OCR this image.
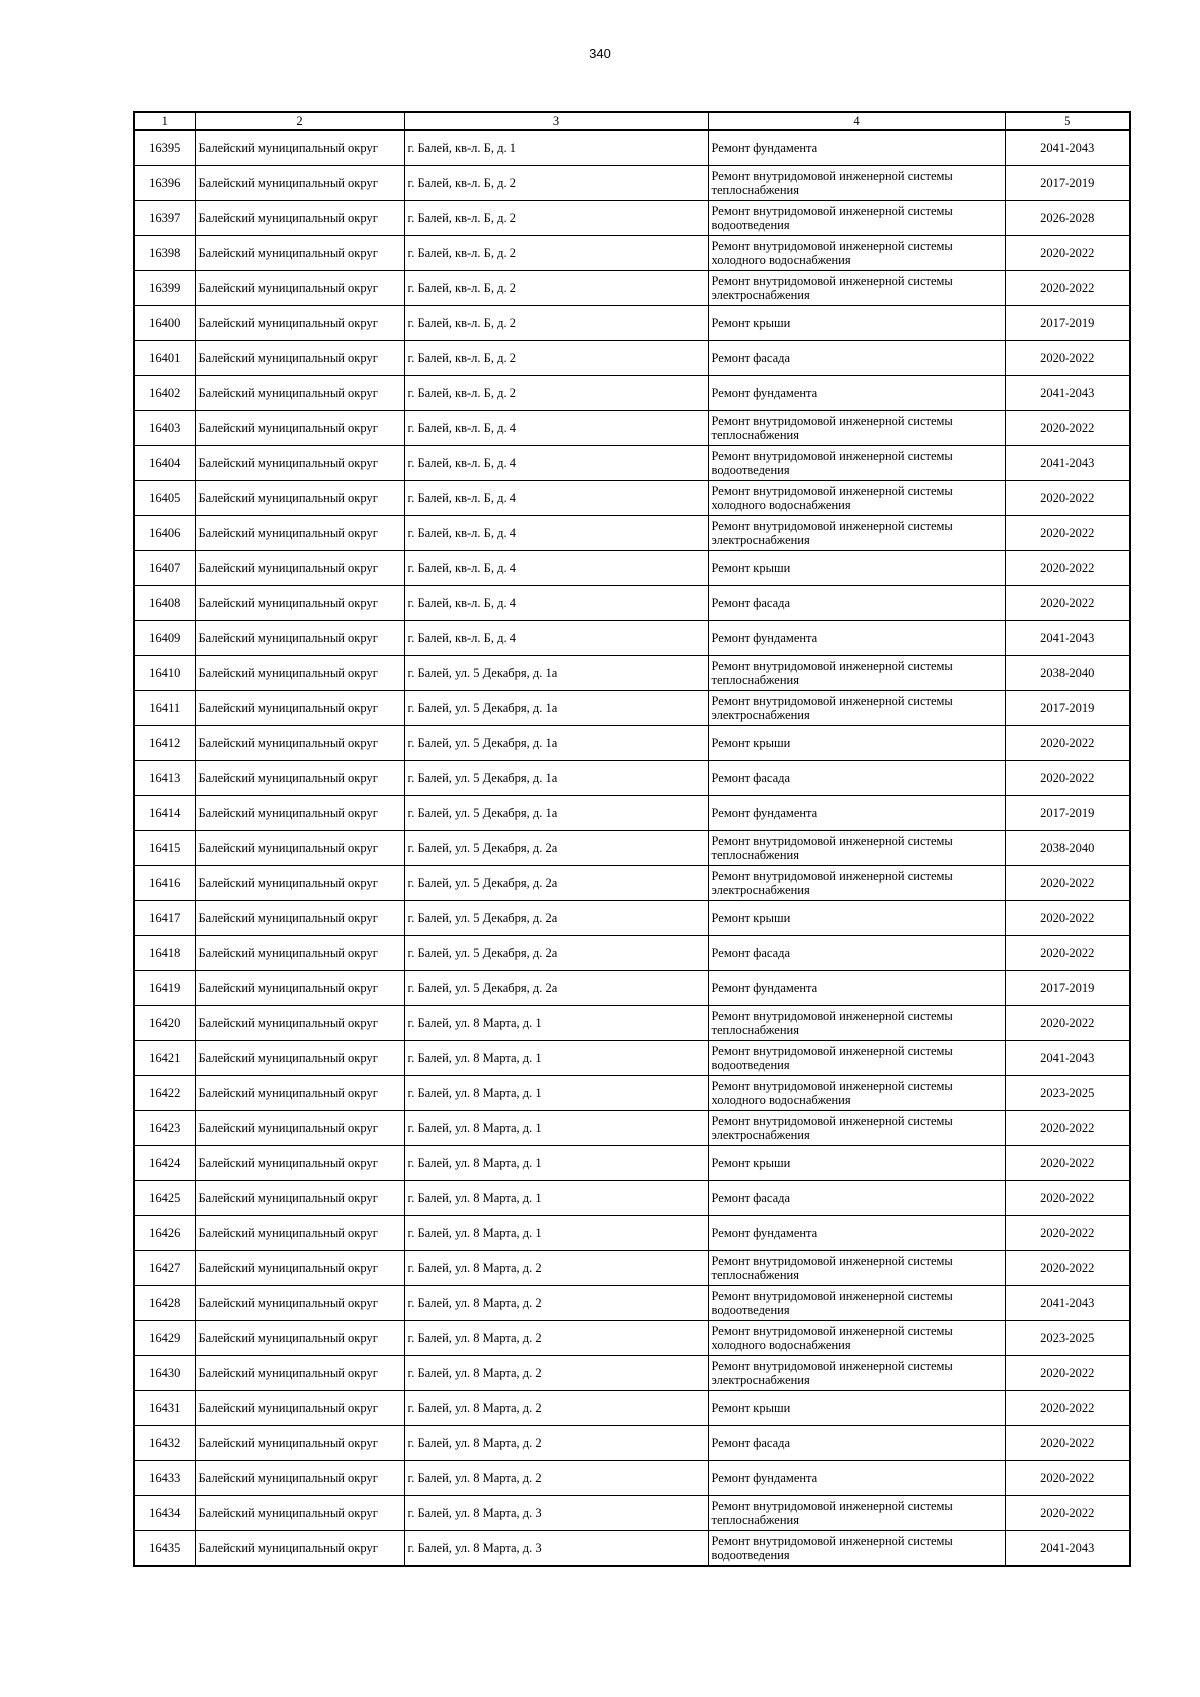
340
1	2	3	4	5
16395	Балейский муниципальный округ	г. Балей, кв-л. Б, д. 1	Ремонт фундамента	2041-2043
16396	Балейский муниципальный округ	г. Балей, кв-л. Б, д. 2	Ремонт внутридомовой инженерной системы теплоснабжения	2017-2019
16397	Балейский муниципальный округ	г. Балей, кв-л. Б, д. 2	Ремонт внутридомовой инженерной системы водоотведения	2026-2028
16398	Балейский муниципальный округ	г. Балей, кв-л. Б, д. 2	Ремонт внутридомовой инженерной системы холодного водоснабжения	2020-2022
16399	Балейский муниципальный округ	г. Балей, кв-л. Б, д. 2	Ремонт внутридомовой инженерной системы электроснабжения	2020-2022
16400	Балейский муниципальный округ	г. Балей, кв-л. Б, д. 2	Ремонт крыши	2017-2019
16401	Балейский муниципальный округ	г. Балей, кв-л. Б, д. 2	Ремонт фасада	2020-2022
16402	Балейский муниципальный округ	г. Балей, кв-л. Б, д. 2	Ремонт фундамента	2041-2043
16403	Балейский муниципальный округ	г. Балей, кв-л. Б, д. 4	Ремонт внутридомовой инженерной системы теплоснабжения	2020-2022
16404	Балейский муниципальный округ	г. Балей, кв-л. Б, д. 4	Ремонт внутридомовой инженерной системы водоотведения	2041-2043
16405	Балейский муниципальный округ	г. Балей, кв-л. Б, д. 4	Ремонт внутридомовой инженерной системы холодного водоснабжения	2020-2022
16406	Балейский муниципальный округ	г. Балей, кв-л. Б, д. 4	Ремонт внутридомовой инженерной системы электроснабжения	2020-2022
16407	Балейский муниципальный округ	г. Балей, кв-л. Б, д. 4	Ремонт крыши	2020-2022
16408	Балейский муниципальный округ	г. Балей, кв-л. Б, д. 4	Ремонт фасада	2020-2022
16409	Балейский муниципальный округ	г. Балей, кв-л. Б, д. 4	Ремонт фундамента	2041-2043
16410	Балейский муниципальный округ	г. Балей, ул. 5 Декабря, д. 1а	Ремонт внутридомовой инженерной системы теплоснабжения	2038-2040
16411	Балейский муниципальный округ	г. Балей, ул. 5 Декабря, д. 1а	Ремонт внутридомовой инженерной системы электроснабжения	2017-2019
16412	Балейский муниципальный округ	г. Балей, ул. 5 Декабря, д. 1а	Ремонт крыши	2020-2022
16413	Балейский муниципальный округ	г. Балей, ул. 5 Декабря, д. 1а	Ремонт фасада	2020-2022
16414	Балейский муниципальный округ	г. Балей, ул. 5 Декабря, д. 1а	Ремонт фундамента	2017-2019
16415	Балейский муниципальный округ	г. Балей, ул. 5 Декабря, д. 2а	Ремонт внутридомовой инженерной системы теплоснабжения	2038-2040
16416	Балейский муниципальный округ	г. Балей, ул. 5 Декабря, д. 2а	Ремонт внутридомовой инженерной системы электроснабжения	2020-2022
16417	Балейский муниципальный округ	г. Балей, ул. 5 Декабря, д. 2а	Ремонт крыши	2020-2022
16418	Балейский муниципальный округ	г. Балей, ул. 5 Декабря, д. 2а	Ремонт фасада	2020-2022
16419	Балейский муниципальный округ	г. Балей, ул. 5 Декабря, д. 2а	Ремонт фундамента	2017-2019
16420	Балейский муниципальный округ	г. Балей, ул. 8 Марта, д. 1	Ремонт внутридомовой инженерной системы теплоснабжения	2020-2022
16421	Балейский муниципальный округ	г. Балей, ул. 8 Марта, д. 1	Ремонт внутридомовой инженерной системы водоотведения	2041-2043
16422	Балейский муниципальный округ	г. Балей, ул. 8 Марта, д. 1	Ремонт внутридомовой инженерной системы холодного водоснабжения	2023-2025
16423	Балейский муниципальный округ	г. Балей, ул. 8 Марта, д. 1	Ремонт внутридомовой инженерной системы электроснабжения	2020-2022
16424	Балейский муниципальный округ	г. Балей, ул. 8 Марта, д. 1	Ремонт крыши	2020-2022
16425	Балейский муниципальный округ	г. Балей, ул. 8 Марта, д. 1	Ремонт фасада	2020-2022
16426	Балейский муниципальный округ	г. Балей, ул. 8 Марта, д. 1	Ремонт фундамента	2020-2022
16427	Балейский муниципальный округ	г. Балей, ул. 8 Марта, д. 2	Ремонт внутридомовой инженерной системы теплоснабжения	2020-2022
16428	Балейский муниципальный округ	г. Балей, ул. 8 Марта, д. 2	Ремонт внутридомовой инженерной системы водоотведения	2041-2043
16429	Балейский муниципальный округ	г. Балей, ул. 8 Марта, д. 2	Ремонт внутридомовой инженерной системы холодного водоснабжения	2023-2025
16430	Балейский муниципальный округ	г. Балей, ул. 8 Марта, д. 2	Ремонт внутридомовой инженерной системы электроснабжения	2020-2022
16431	Балейский муниципальный округ	г. Балей, ул. 8 Марта, д. 2	Ремонт крыши	2020-2022
16432	Балейский муниципальный округ	г. Балей, ул. 8 Марта, д. 2	Ремонт фасада	2020-2022
16433	Балейский муниципальный округ	г. Балей, ул. 8 Марта, д. 2	Ремонт фундамента	2020-2022
16434	Балейский муниципальный округ	г. Балей, ул. 8 Марта, д. 3	Ремонт внутридомовой инженерной системы теплоснабжения	2020-2022
16435	Балейский муниципальный округ	г. Балей, ул. 8 Марта, д. 3	Ремонт внутридомовой инженерной системы водоотведения	2041-2043
